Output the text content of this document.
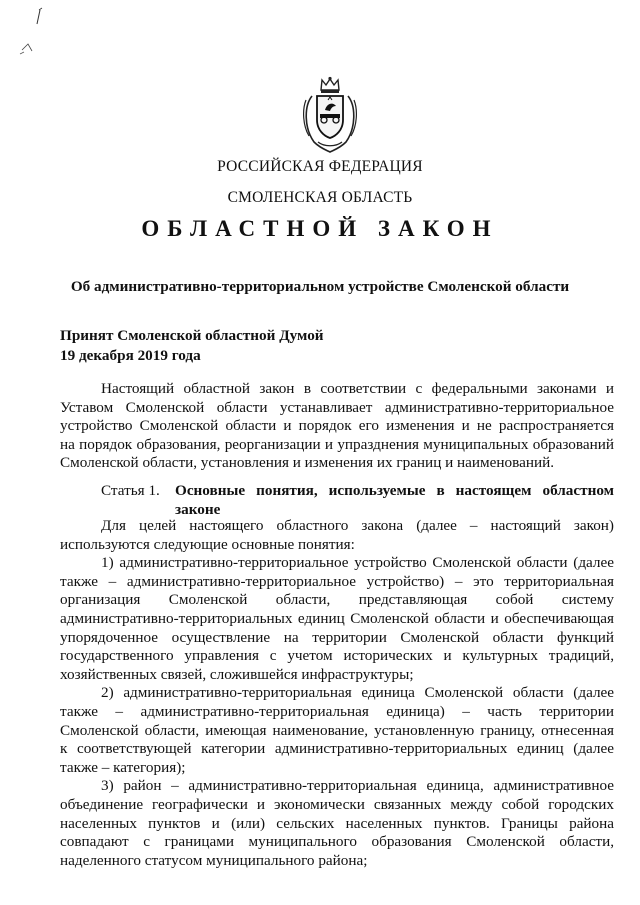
РОССИЙСКАЯ ФЕДЕРАЦИЯ
СМОЛЕНСКАЯ ОБЛАСТЬ
ОБЛАСТНОЙ ЗАКОН
Об административно-территориальном устройстве Смоленской области
Принят Смоленской областной Думой
19 декабря 2019 года
Настоящий областной закон в соответствии с федеральными законами и
Уставом Смоленской области устанавливает административно-территориальное
устройство Смоленской области и порядок его изменения и не распространяется
на порядок образования, реорганизации и упразднения муниципальных образований
Смоленской области, установления и изменения их границ и наименований.
Статья 1. Основные понятия, используемые в настоящем областном
законе
Для целей настоящего областного закона (далее – настоящий закон)
используются следующие основные понятия:
1) административно-территориальное устройство Смоленской области (далее
также – административно-территориальное устройство) – это территориальная
организация Смоленской области, представляющая собой систему
административно-территориальных единиц Смоленской области и обеспечивающая
упорядоченное осуществление на территории Смоленской области функций
государственного управления с учетом исторических и культурных традиций,
хозяйственных связей, сложившейся инфраструктуры;
2) административно-территориальная единица Смоленской области (далее
также – административно-территориальная единица) – часть территории
Смоленской области, имеющая наименование, установленную границу, отнесенная
к соответствующей категории административно-территориальных единиц (далее
также – категория);
3) район – административно-территориальная единица, административное
объединение географически и экономически связанных между собой городских
населенных пунктов и (или) сельских населенных пунктов. Границы района
совпадают с границами муниципального образования Смоленской области,
наделенного статусом муниципального района;
